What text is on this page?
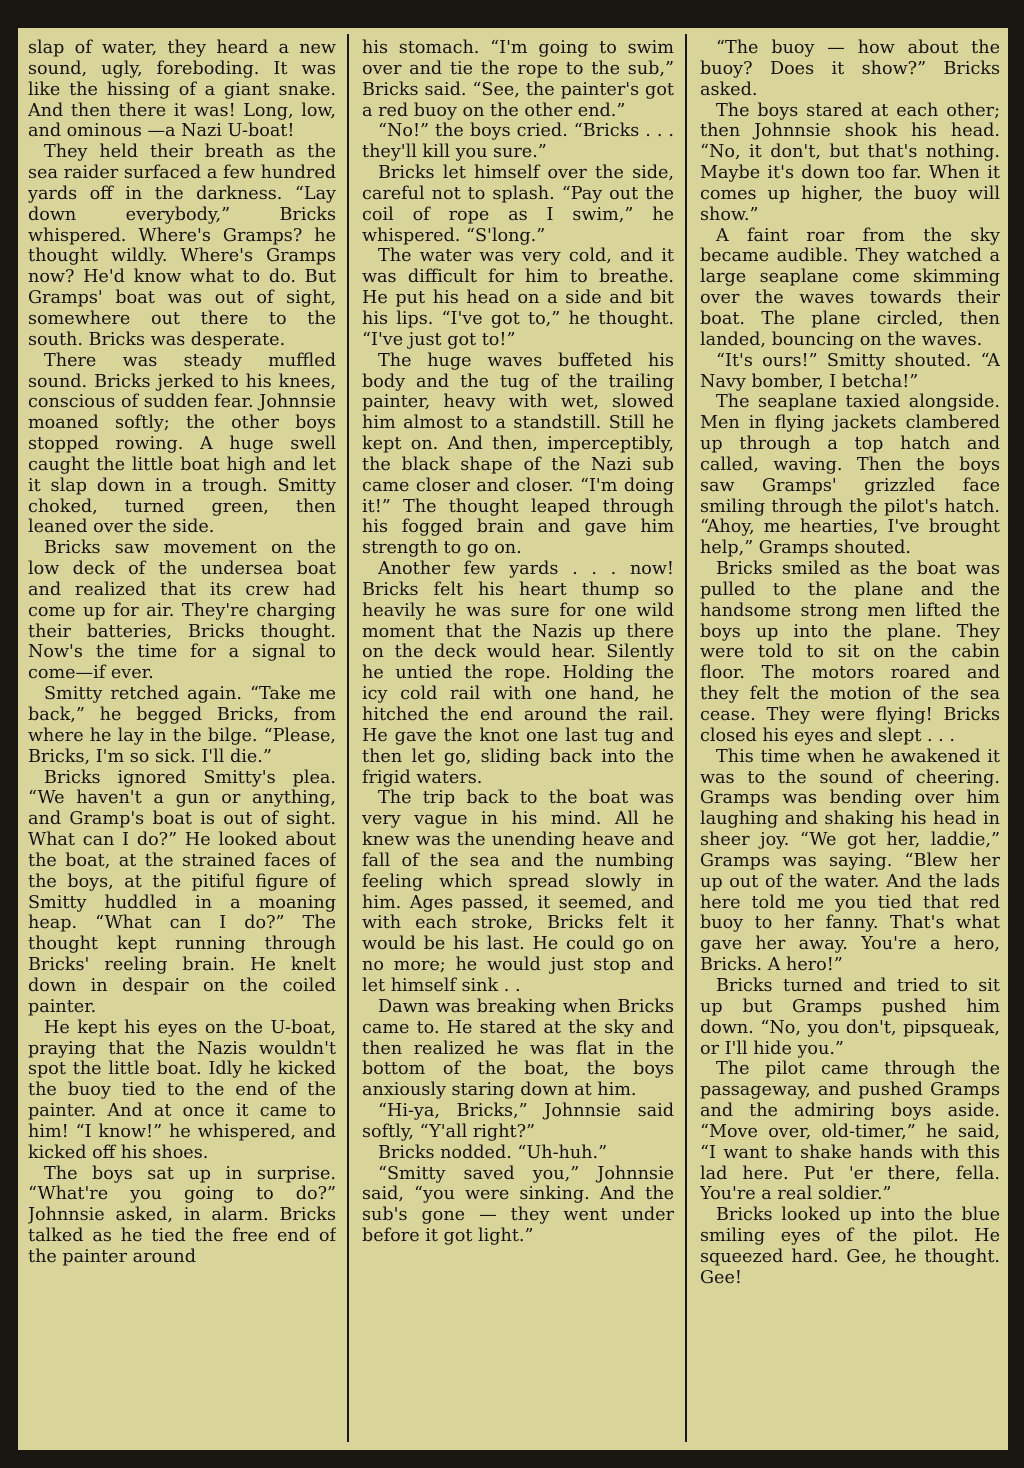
slap of water, they heard a new sound, ugly, foreboding. It was like the hissing of a giant snake. And then there it was! Long, low, and ominous —a Nazi U-boat!

They held their breath as the sea raider surfaced a few hundred yards off in the darkness. “Lay down everybody,” Bricks whispered. Where's Gramps? he thought wildly. Where's Gramps now? He'd know what to do. But Gramps' boat was out of sight, somewhere out there to the south. Bricks was desperate.

There was steady muffled sound. Bricks jerked to his knees, conscious of sudden fear. Johnnsie moaned softly; the other boys stopped rowing. A huge swell caught the little boat high and let it slap down in a trough. Smitty choked, turned green, then leaned over the side.

Bricks saw movement on the low deck of the undersea boat and realized that its crew had come up for air. They're charging their batteries, Bricks thought. Now's the time for a signal to come—if ever.

Smitty retched again. “Take me back,” he begged Bricks, from where he lay in the bilge. “Please, Bricks, I'm so sick. I'll die.”

Bricks ignored Smitty's plea. “We haven't a gun or anything, and Gramp's boat is out of sight. What can I do?” He looked about the boat, at the strained faces of the boys, at the pitiful figure of Smitty huddled in a moaning heap. “What can I do?” The thought kept running through Bricks' reeling brain. He knelt down in despair on the coiled painter.

He kept his eyes on the U-boat, praying that the Nazis wouldn't spot the little boat. Idly he kicked the buoy tied to the end of the painter. And at once it came to him! “I know!” he whispered, and kicked off his shoes.

The boys sat up in surprise. “What're you going to do?” Johnnsie asked, in alarm. Bricks talked as he tied the free end of the painter around

his stomach. “I'm going to swim over and tie the rope to the sub,” Bricks said. “See, the painter's got a red buoy on the other end.”

“No!” the boys cried. “Bricks . . . they'll kill you sure.”

Bricks let himself over the side, careful not to splash. “Pay out the coil of rope as I swim,” he whispered. “S'long.”

The water was very cold, and it was difficult for him to breathe. He put his head on a side and bit his lips. “I've got to,” he thought. “I've just got to!”

The huge waves buffeted his body and the tug of the trailing painter, heavy with wet, slowed him almost to a standstill. Still he kept on. And then, imperceptibly, the black shape of the Nazi sub came closer and closer. “I'm doing it!” The thought leaped through his fogged brain and gave him strength to go on.

Another few yards . . . now! Bricks felt his heart thump so heavily he was sure for one wild moment that the Nazis up there on the deck would hear. Silently he untied the rope. Holding the icy cold rail with one hand, he hitched the end around the rail. He gave the knot one last tug and then let go, sliding back into the frigid waters.

The trip back to the boat was very vague in his mind. All he knew was the unending heave and fall of the sea and the numbing feeling which spread slowly in him. Ages passed, it seemed, and with each stroke, Bricks felt it would be his last. He could go on no more; he would just stop and let himself sink . .

Dawn was breaking when Bricks came to. He stared at the sky and then realized he was flat in the bottom of the boat, the boys anxiously staring down at him.

“Hi-ya, Bricks,” Johnnsie said softly, “Y'all right?”

Bricks nodded. “Uh-huh.”

“Smitty saved you,” Johnnsie said, “you were sinking. And the sub's gone — they went under before it got light.”

“The buoy — how about the buoy? Does it show?” Bricks asked.

The boys stared at each other; then Johnnsie shook his head. “No, it don't, but that's nothing. Maybe it's down too far. When it comes up higher, the buoy will show.”

A faint roar from the sky became audible. They watched a large seaplane come skimming over the waves towards their boat. The plane circled, then landed, bouncing on the waves.

“It's ours!” Smitty shouted. “A Navy bomber, I betcha!”

The seaplane taxied alongside. Men in flying jackets clambered up through a top hatch and called, waving. Then the boys saw Gramps' grizzled face smiling through the pilot's hatch. “Ahoy, me hearties, I've brought help,” Gramps shouted.

Bricks smiled as the boat was pulled to the plane and the handsome strong men lifted the boys up into the plane. They were told to sit on the cabin floor. The motors roared and they felt the motion of the sea cease. They were flying! Bricks closed his eyes and slept . . .

This time when he awakened it was to the sound of cheering. Gramps was bending over him laughing and shaking his head in sheer joy. “We got her, laddie,” Gramps was saying. “Blew her up out of the water. And the lads here told me you tied that red buoy to her fanny. That's what gave her away. You're a hero, Bricks. A hero!”

Bricks turned and tried to sit up but Gramps pushed him down. “No, you don't, pipsqueak, or I'll hide you.”

The pilot came through the passageway, and pushed Gramps and the admiring boys aside. “Move over, old-timer,” he said, “I want to shake hands with this lad here. Put 'er there, fella. You're a real soldier.”

Bricks looked up into the blue smiling eyes of the pilot. He squeezed hard. Gee, he thought. Gee!
